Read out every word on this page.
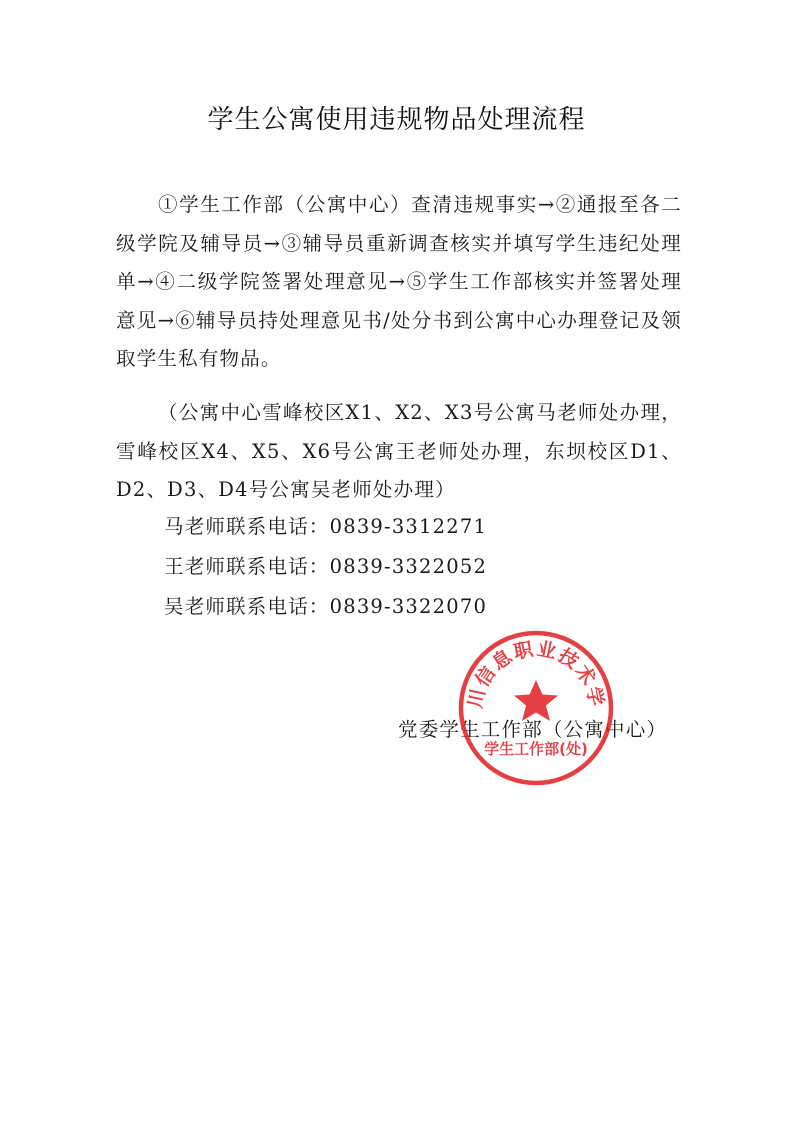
学生公寓使用违规物品处理流程

①学生工作部（公寓中心）查清违规事实→②通报至各二级学院及辅导员→③辅导员重新调查核实并填写学生违纪处理单→④二级学院签署处理意见→⑤学生工作部核实并签署处理意见→⑥辅导员持处理意见书/处分书到公寓中心办理登记及领取学生私有物品。

（公寓中心雪峰校区X1、X2、X3号公寓马老师处办理，雪峰校区X4、X5、X6号公寓王老师处办理，东坝校区D1、D2、D3、D4号公寓吴老师处办理）

马老师联系电话：0839-3312271
王老师联系电话：0839-3322052
吴老师联系电话：0839-3322070
党委学生工作部（公寓中心）
川信息职业技术学
学生工作部(处)
